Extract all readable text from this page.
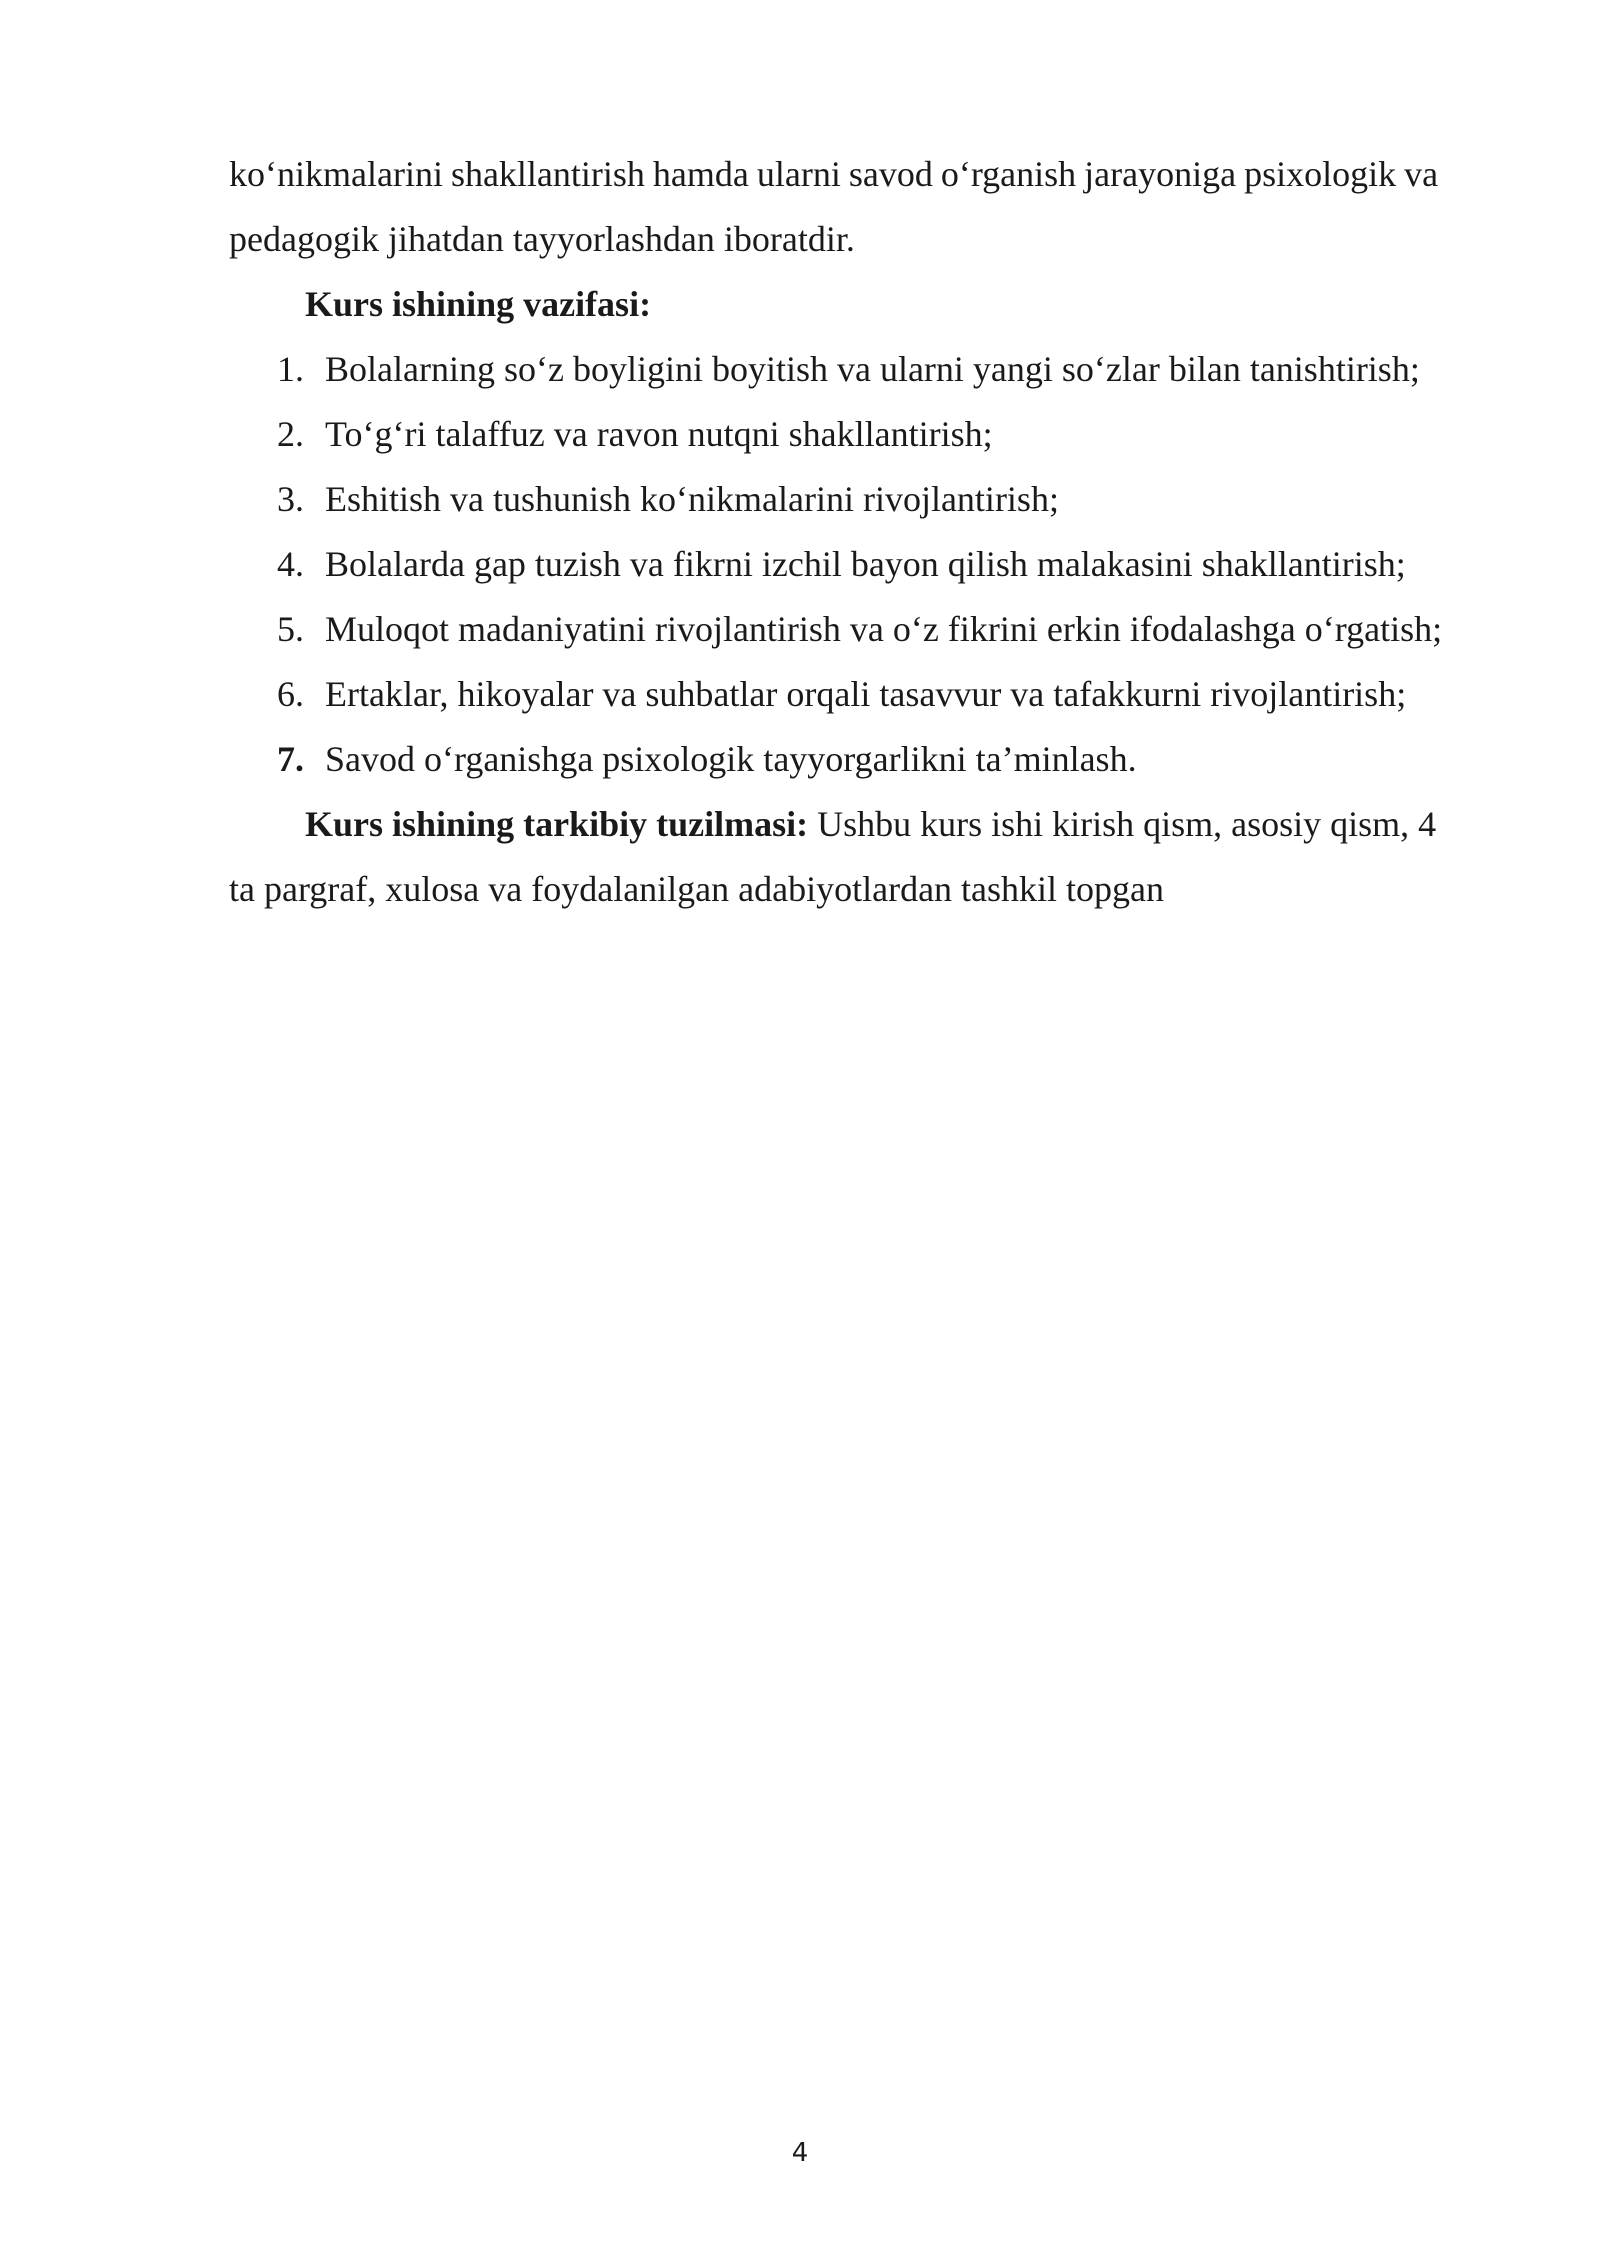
ko‘nikmalarini shakllantirish hamda ularni savod o‘rganish jarayoniga psixologik va
pedagogik jihatdan tayyorlashdan iboratdir.
Kurs ishining vazifasi:
1. Bolalarning so‘z boyligini boyitish va ularni yangi so‘zlar bilan tanishtirish;
2. To‘g‘ri talaffuz va ravon nutqni shakllantirish;
3. Eshitish va tushunish ko‘nikmalarini rivojlantirish;
4. Bolalarda gap tuzish va fikrni izchil bayon qilish malakasini shakllantirish;
5. Muloqot madaniyatini rivojlantirish va o‘z fikrini erkin ifodalashga o‘rgatish;
6. Ertaklar, hikoyalar va suhbatlar orqali tasavvur va tafakkurni rivojlantirish;
7. Savod o‘rganishga psixologik tayyorgarlikni ta’minlash.
Kurs ishining tarkibiy tuzilmasi: Ushbu kurs ishi kirish qism, asosiy qism, 4
ta pargraf, xulosa va foydalanilgan adabiyotlardan tashkil topgan
4
